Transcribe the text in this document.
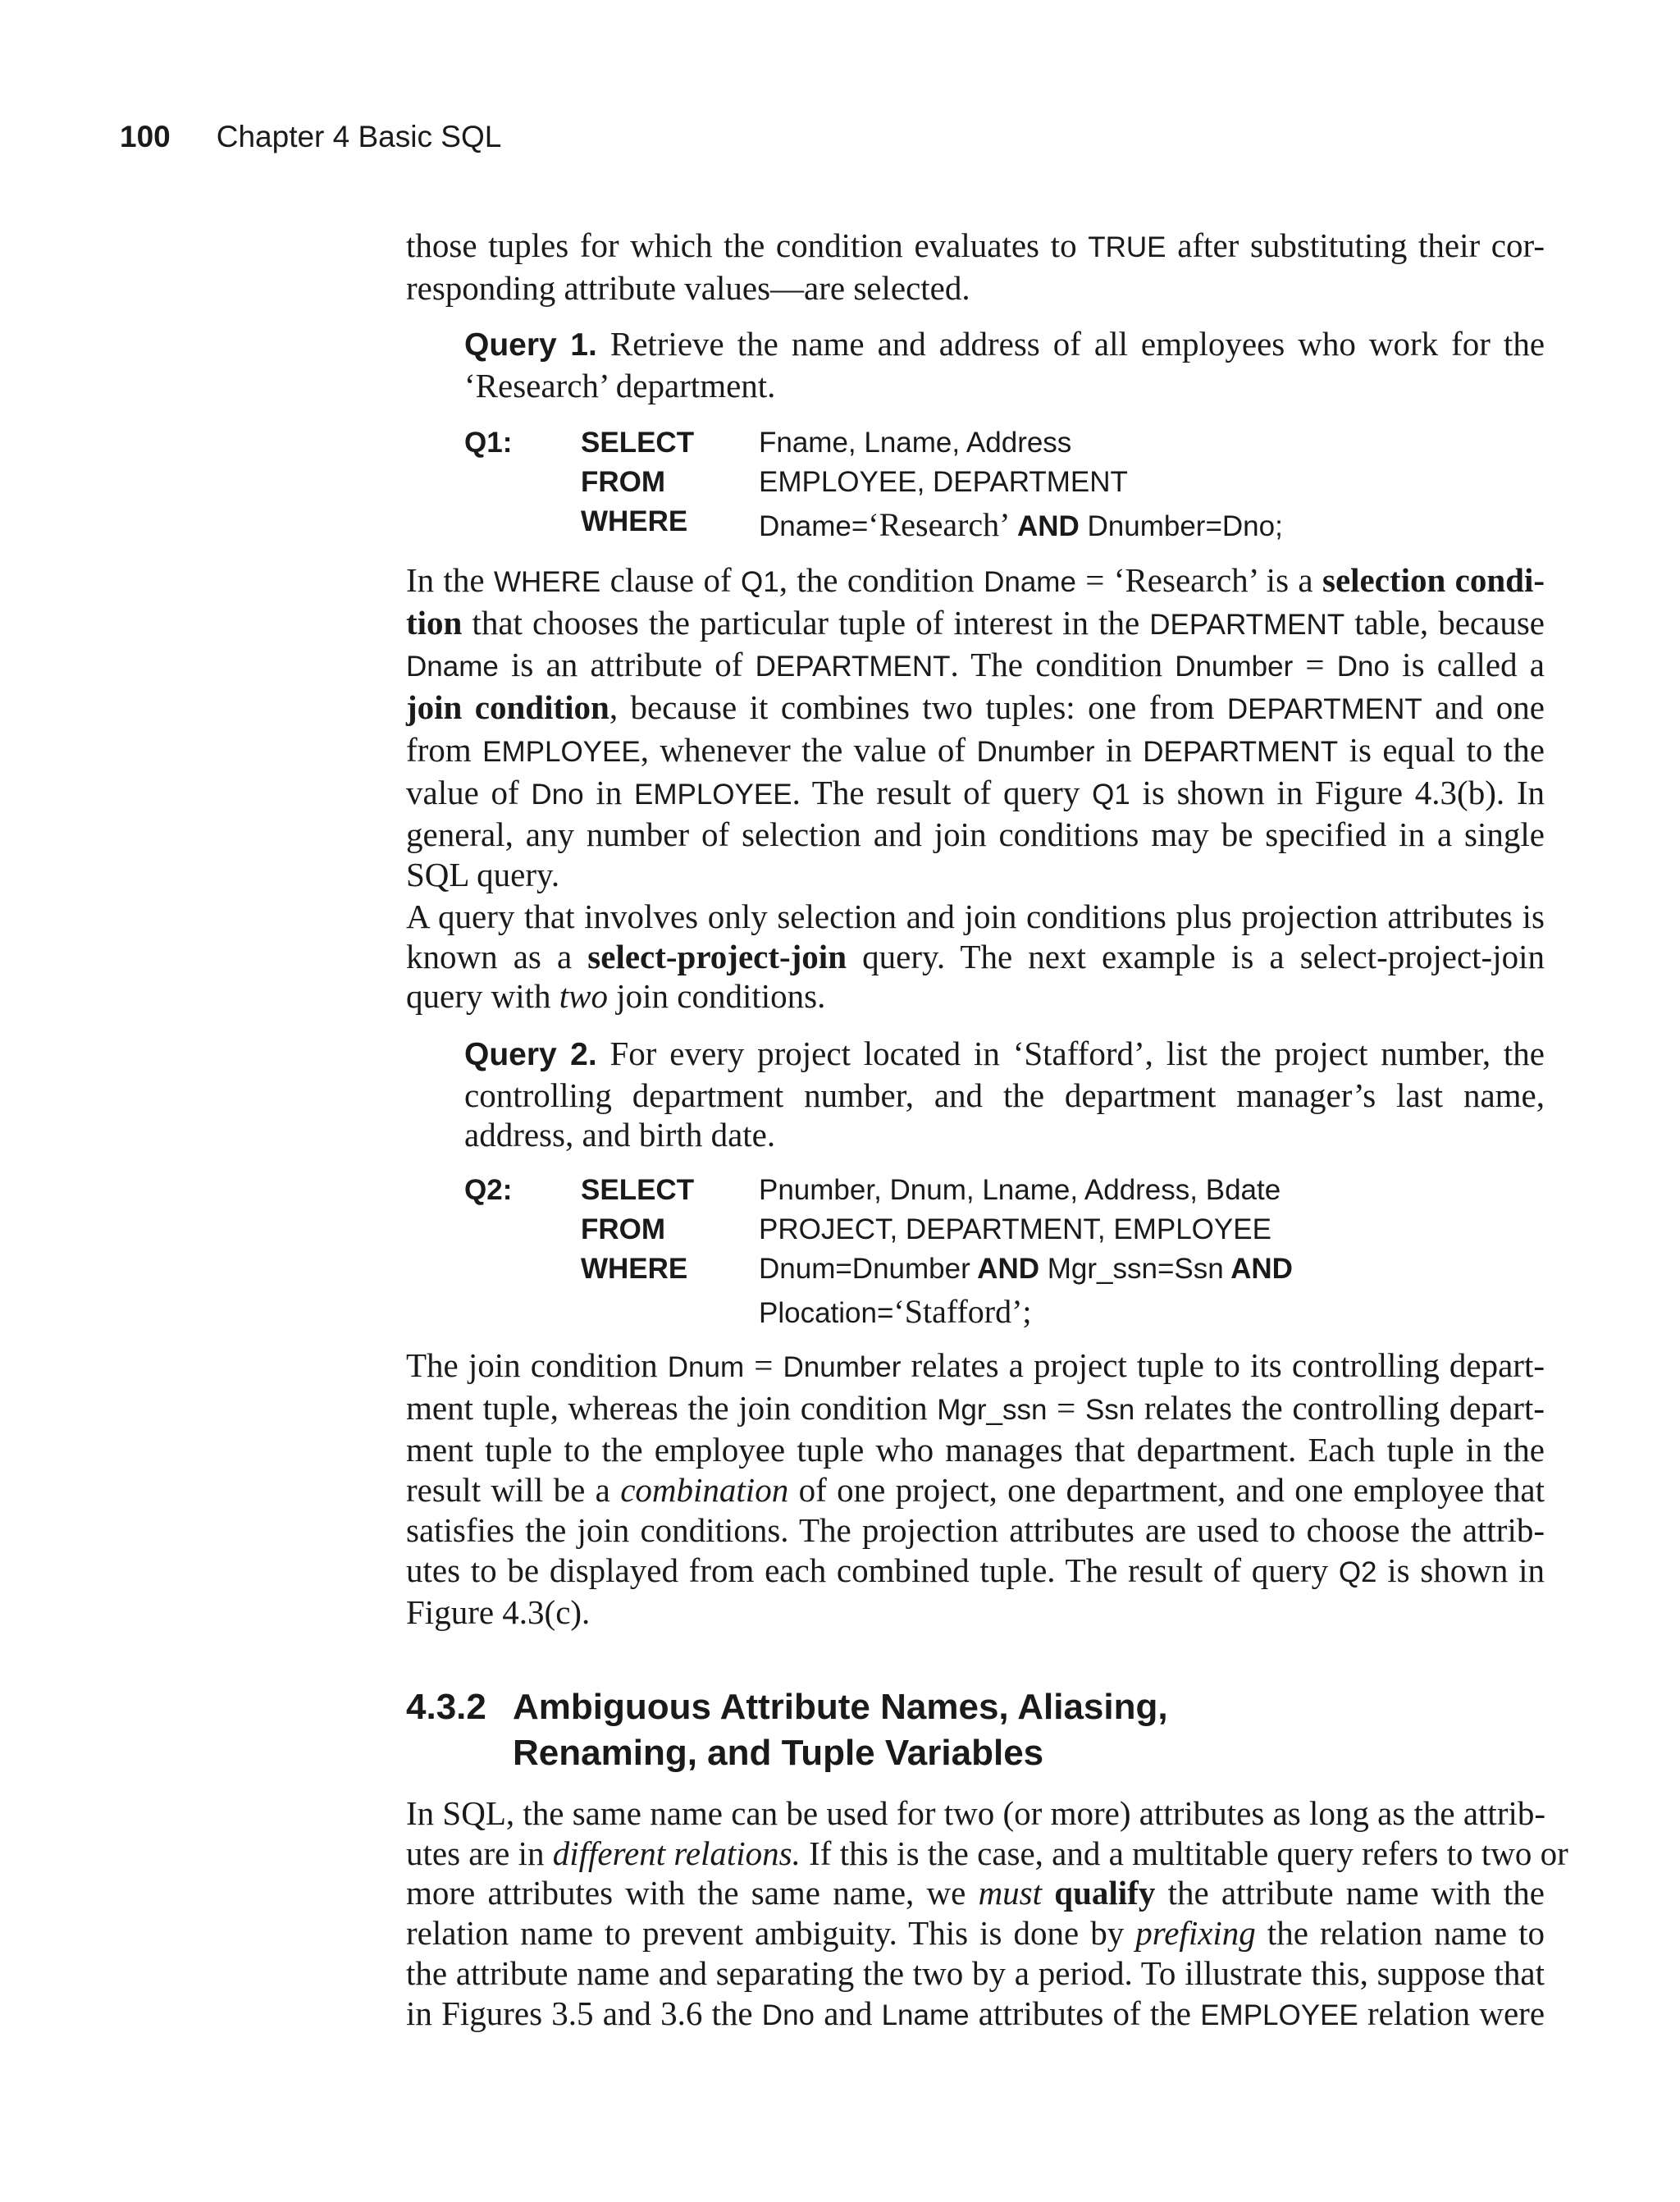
100 Chapter 4 Basic SQL

those tuples for which the condition evaluates to TRUE after substituting their cor-
responding attribute values—are selected.

Query 1. Retrieve the name and address of all employees who work for the
‘Research’ department.

Q1: SELECT Fname, Lname, Address
FROM	EMPLOYEE, DEPARTMENT
WHERE Dname=‘Research’ AND Dnumber=Dno;

In the WHERE clause of Q1, the condition Dname = ‘Research’ is a selection condi-
tion that chooses the particular tuple of interest in the DEPARTMENT table, because
Dname is an attribute of DEPARTMENT. The condition Dnumber = Dno is called a
join condition, because it combines two tuples: one from DEPARTMENT and one
from EMPLOYEE, whenever the value of Dnumber in DEPARTMENT is equal to the
value of Dno in EMPLOYEE. The result of query Q1 is shown in Figure 4.3(b). In
general, any number of selection and join conditions may be specified in a single
SQL query.

A query that involves only selection and join conditions plus projection attributes is
known as a select-project-join query. The next example is a select-project-join
query with two join conditions.

Query 2. For every project located in ‘Stafford’, list the project number, the
controlling department number, and the department manager’s last name,
address, and birth date.

Q2: SELECT Pnumber, Dnum, Lname, Address, Bdate
FROM	PROJECT, DEPARTMENT, EMPLOYEE
WHERE Dnum=Dnumber AND Mgr_ssn=Ssn AND
Plocation=‘Stafford’;

The join condition Dnum = Dnumber relates a project tuple to its controlling depart-
ment tuple, whereas the join condition Mgr_ssn = Ssn relates the controlling depart-
ment tuple to the employee tuple who manages that department. Each tuple in the
result will be a combination of one project, one department, and one employee that
satisfies the join conditions. The projection attributes are used to choose the attrib-
utes to be displayed from each combined tuple. The result of query Q2 is shown in
Figure 4.3(c).

4.3.2 Ambiguous Attribute Names, Aliasing,
Renaming, and Tuple Variables

In SQL, the same name can be used for two (or more) attributes as long as the attrib-
utes are in different relations. If this is the case, and a multitable query refers to two or
more attributes with the same name, we must qualify the attribute name with the
relation name to prevent ambiguity. This is done by prefixing the relation name to
the attribute name and separating the two by a period. To illustrate this, suppose that
in Figures 3.5 and 3.6 the Dno and Lname attributes of the EMPLOYEE relation were
